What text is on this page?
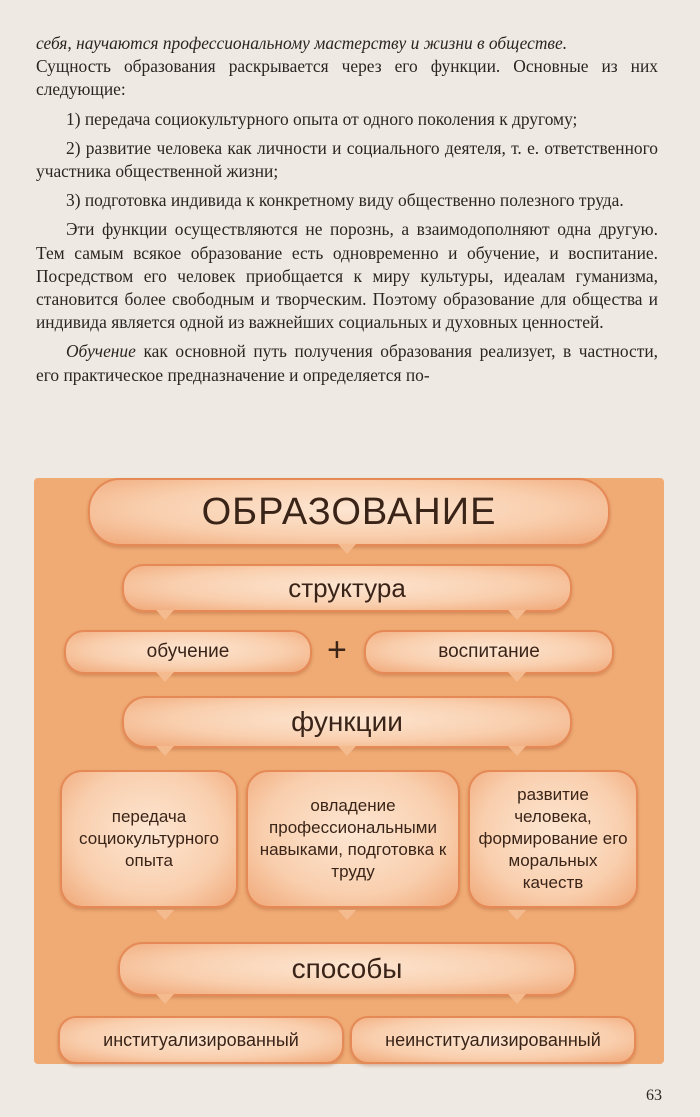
себя, научаются профессиональному мастерству и жизни в обществе.
Сущность образования раскрывается через его функции. Основные из них следующие:

1) передача социокультурного опыта от одного поколения к другому;

2) развитие человека как личности и социального деятеля, т. е. ответственного участника общественной жизни;

3) подготовка индивида к конкретному виду общественно полезного труда.

Эти функции осуществляются не порознь, а взаимодополняют одна другую. Тем самым всякое образование есть одновременно и обучение, и воспитание. Посредством его человек приобщается к миру культуры, идеалам гуманизма, становится более свободным и творческим. Поэтому образование для общества и индивида является одной из важнейших социальных и духовных ценностей.

Обучение как основной путь получения образования реализует, в частности, его практическое предназначение и определяется по-

ОБРАЗОВАНИЕ
структура
обучение	+	воспитание
функции
передача социокультурного опыта
овладение профессиональными навыками, подготовка к труду
развитие человека, формирование его моральных качеств
способы
институализированный	неинституализированный
63
